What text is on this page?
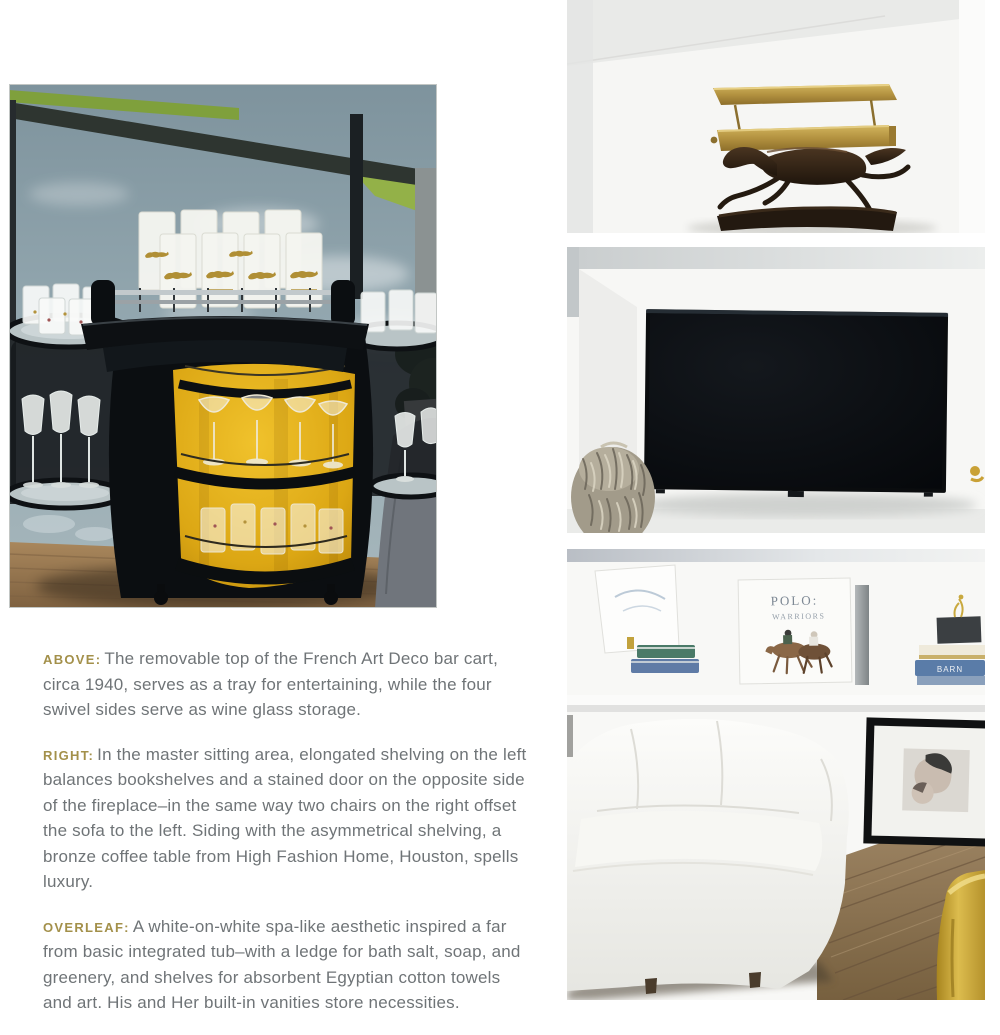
POLO:
WARRIORS
BARN

ABOVE: The removable top of the French Art Deco bar cart, circa 1940, serves as a tray for entertaining, while the four swivel sides serve as wine glass storage.

RIGHT: In the master sitting area, elongated shelving on the left balances bookshelves and a stained door on the opposite side of the fireplace–in the same way two chairs on the right offset the sofa to the left. Siding with the asymmetrical shelving, a bronze coffee table from High Fashion Home, Houston, spells luxury.

OVERLEAF: A white-on-white spa-like aesthetic inspired a far from basic integrated tub–with a ledge for bath salt, soap, and greenery, and shelves for absorbent Egyptian cotton towels and art. His and Her built-in vanities store necessities.
